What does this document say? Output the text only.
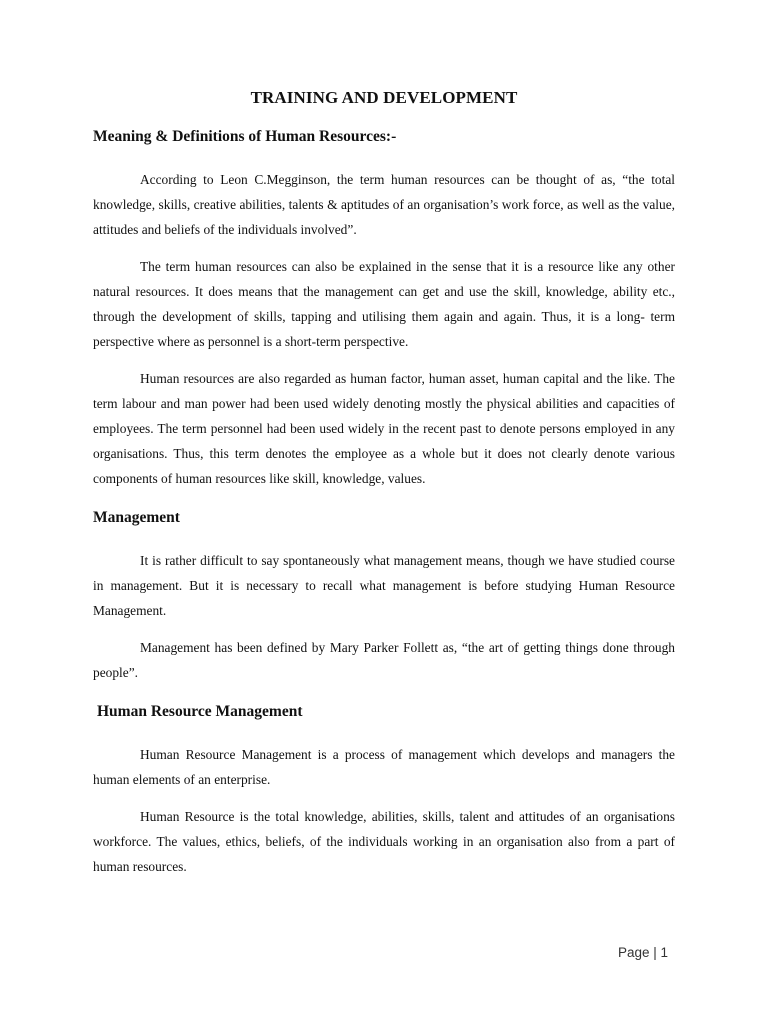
TRAINING AND DEVELOPMENT
Meaning & Definitions of Human Resources:-

According to Leon C.Megginson, the term human resources can be thought of as, “the total knowledge, skills, creative abilities, talents & aptitudes of an organisation’s work force, as well as the value, attitudes and beliefs of the individuals involved”.

The term human resources can also be explained in the sense that it is a resource like any other natural resources. It does means that the management can get and use the skill, knowledge, ability etc., through the development of skills, tapping and utilising them again and again. Thus, it is a long- term perspective where as personnel is a short-term perspective.

Human resources are also regarded as human factor, human asset, human capital and the like. The term labour and man power had been used widely denoting mostly the physical abilities and capacities of employees. The term personnel had been used widely in the recent past to denote persons employed in any organisations. Thus, this term denotes the employee as a whole but it does not clearly denote various components of human resources like skill, knowledge, values.

Management

It is rather difficult to say spontaneously what management means, though we have studied course in management. But it is necessary to recall what management is before studying Human Resource Management.

Management has been defined by Mary Parker Follett as, “the art of getting things done through people”.

Human Resource Management

Human Resource Management is a process of management which develops and managers the human elements of an enterprise.

Human Resource is the total knowledge, abilities, skills, talent and attitudes of an organisations workforce. The values, ethics, beliefs, of the individuals working in an organisation also from a part of human resources.

Page | 1
